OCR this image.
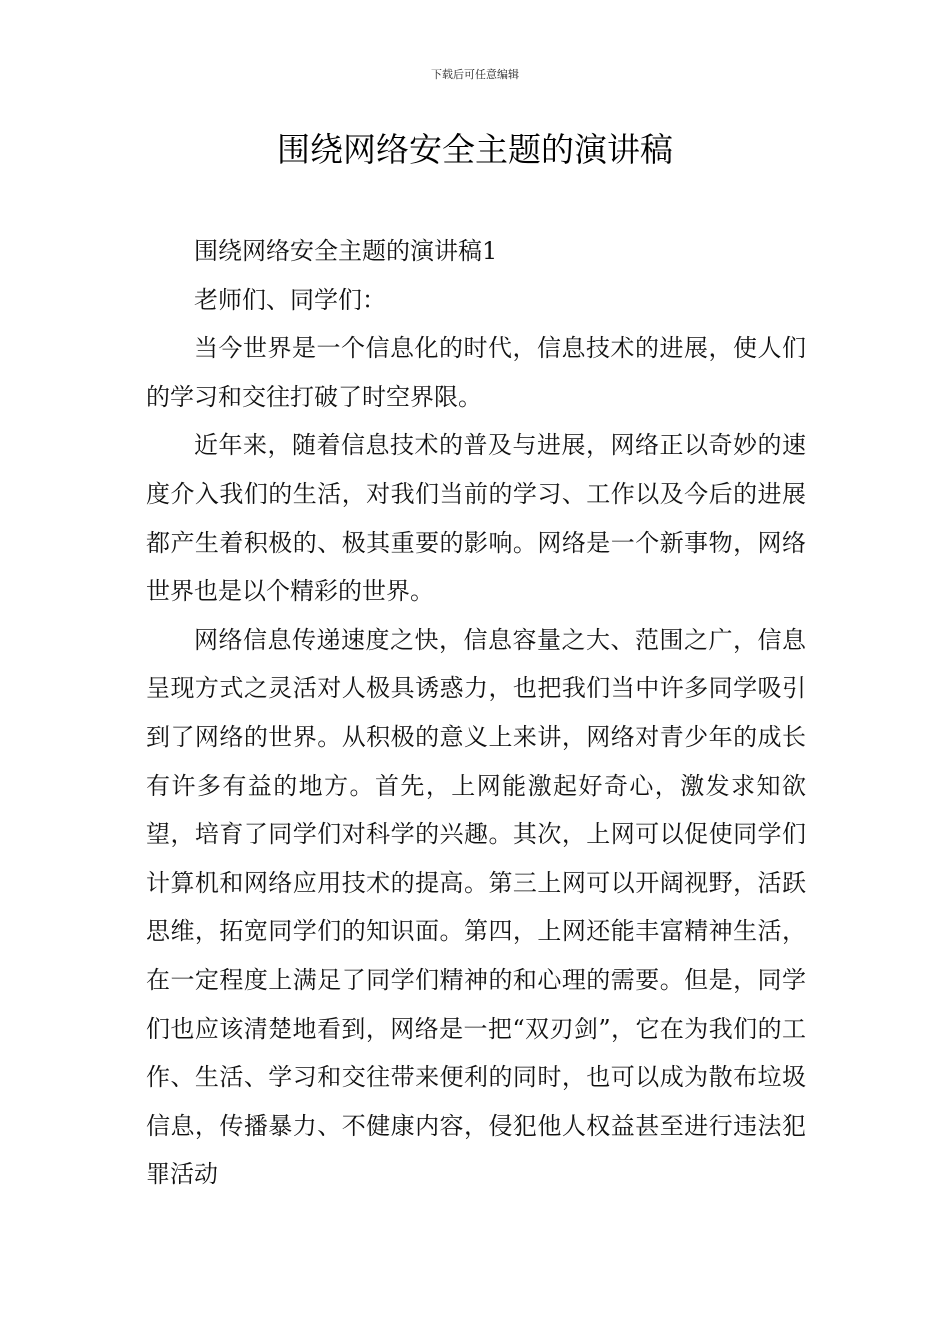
下载后可任意编辑
围绕网络安全主题的演讲稿

围绕网络安全主题的演讲稿1

老师们、同学们：

当今世界是一个信息化的时代，信息技术的进展，使人们的学习和交往打破了时空界限。

近年来，随着信息技术的普及与进展，网络正以奇妙的速度介入我们的生活，对我们当前的学习、工作以及今后的进展都产生着积极的、极其重要的影响。网络是一个新事物，网络世界也是以个精彩的世界。

网络信息传递速度之快，信息容量之大、范围之广，信息呈现方式之灵活对人极具诱惑力，也把我们当中许多同学吸引到了网络的世界。从积极的意义上来讲，网络对青少年的成长有许多有益的地方。首先，上网能激起好奇心，激发求知欲望，培育了同学们对科学的兴趣。其次，上网可以促使同学们计算机和网络应用技术的提高。第三上网可以开阔视野，活跃思维，拓宽同学们的知识面。第四，上网还能丰富精神生活，在一定程度上满足了同学们精神的和心理的需要。但是，同学们也应该清楚地看到，网络是一把“双刃剑”，它在为我们的工作、生活、学习和交往带来便利的同时，也可以成为散布垃圾信息，传播暴力、不健康内容，侵犯他人权益甚至进行违法犯罪活动
